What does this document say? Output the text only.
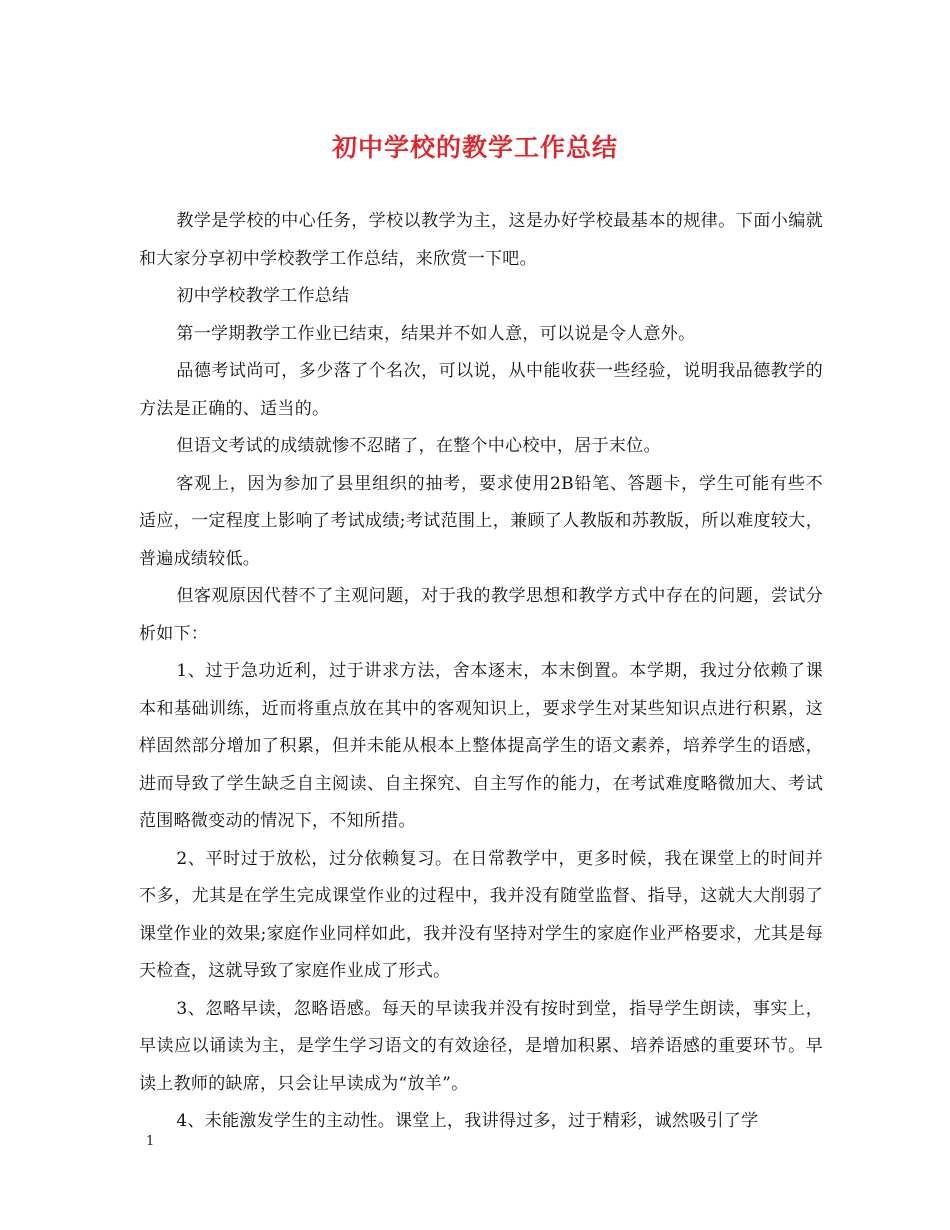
初中学校的教学工作总结

教学是学校的中心任务，学校以教学为主，这是办好学校最基本的规律。下面小编就和大家分享初中学校教学工作总结，来欣赏一下吧。

初中学校教学工作总结

第一学期教学工作业已结束，结果并不如人意，可以说是令人意外。

品德考试尚可，多少落了个名次，可以说，从中能收获一些经验，说明我品德教学的方法是正确的、适当的。

但语文考试的成绩就惨不忍睹了，在整个中心校中，居于末位。

客观上，因为参加了县里组织的抽考，要求使用2B铅笔、答题卡，学生可能有些不适应，一定程度上影响了考试成绩;考试范围上，兼顾了人教版和苏教版，所以难度较大，普遍成绩较低。

但客观原因代替不了主观问题，对于我的教学思想和教学方式中存在的问题，尝试分析如下：

1、过于急功近利，过于讲求方法，舍本逐末，本末倒置。本学期，我过分依赖了课本和基础训练，近而将重点放在其中的客观知识上，要求学生对某些知识点进行积累，这样固然部分增加了积累，但并未能从根本上整体提高学生的语文素养，培养学生的语感，进而导致了学生缺乏自主阅读、自主探究、自主写作的能力，在考试难度略微加大、考试范围略微变动的情况下，不知所措。

2、平时过于放松，过分依赖复习。在日常教学中，更多时候，我在课堂上的时间并不多，尤其是在学生完成课堂作业的过程中，我并没有随堂监督、指导，这就大大削弱了课堂作业的效果;家庭作业同样如此，我并没有坚持对学生的家庭作业严格要求，尤其是每天检查，这就导致了家庭作业成了形式。

3、忽略早读，忽略语感。每天的早读我并没有按时到堂，指导学生朗读，事实上，早读应以诵读为主，是学生学习语文的有效途径，是增加积累、培养语感的重要环节。早读上教师的缺席，只会让早读成为“放羊”。

4、未能激发学生的主动性。课堂上，我讲得过多，过于精彩，诚然吸引了学

1
